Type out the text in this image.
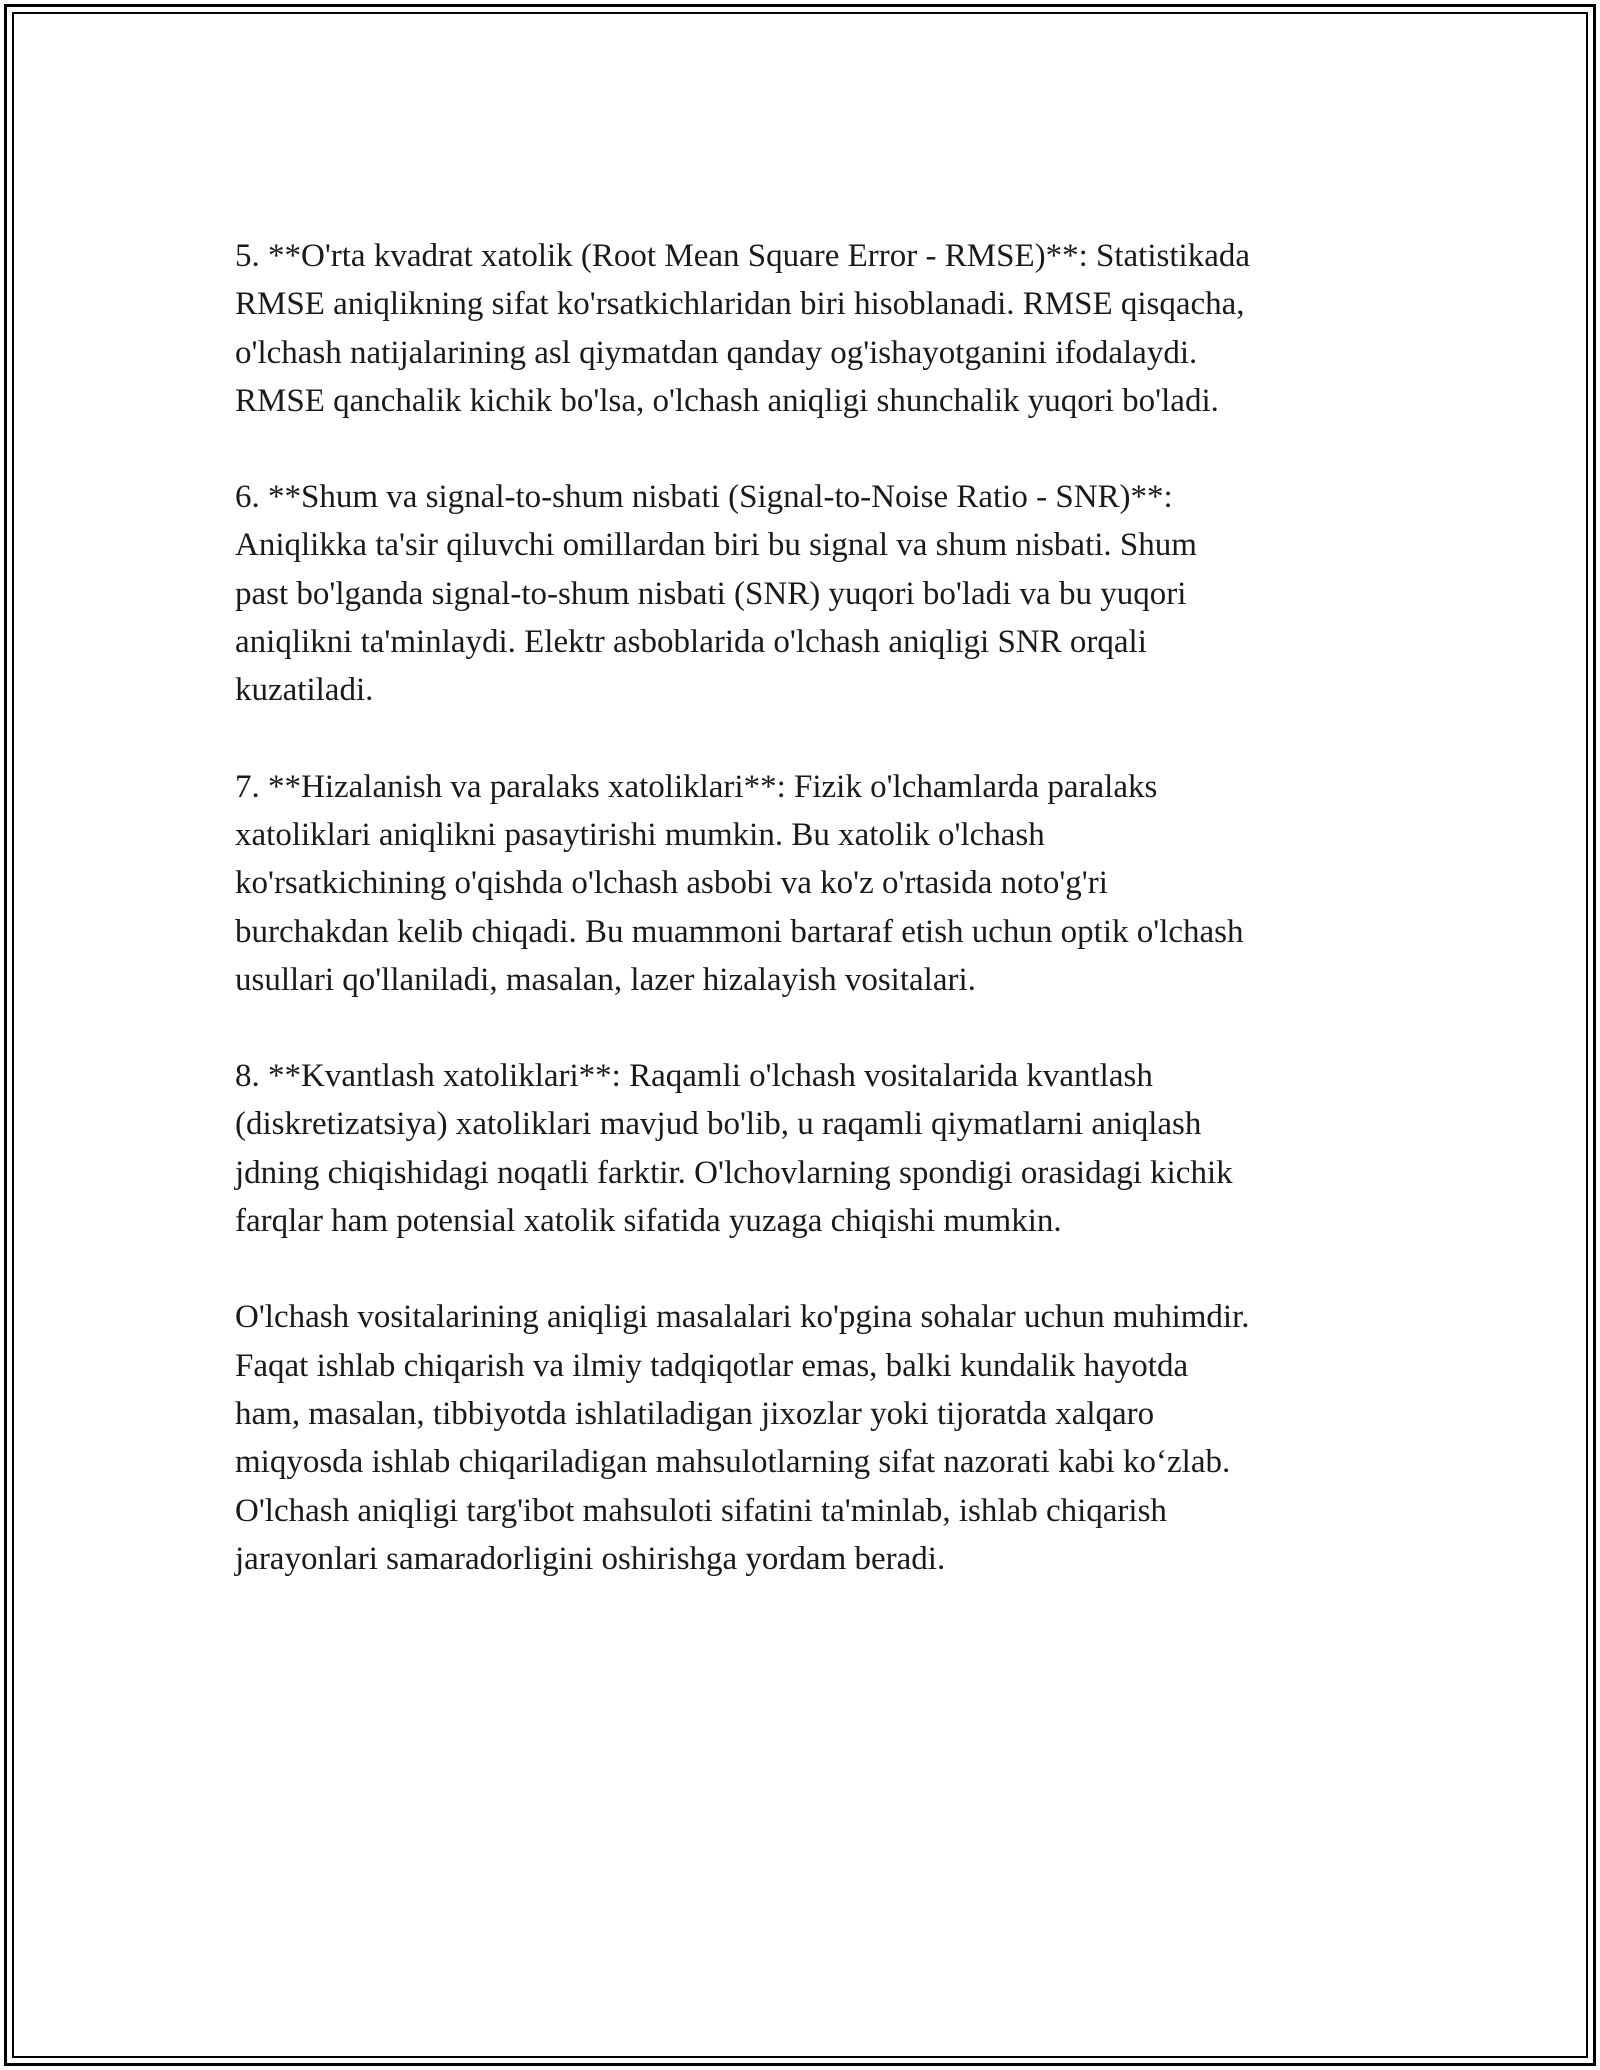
5. **O'rta kvadrat xatolik (Root Mean Square Error - RMSE)**: Statistikada
RMSE aniqlikning sifat ko'rsatkichlaridan biri hisoblanadi. RMSE qisqacha,
o'lchash natijalarining asl qiymatdan qanday og'ishayotganini ifodalaydi.
RMSE qanchalik kichik bo'lsa, o'lchash aniqligi shunchalik yuqori bo'ladi.

6. **Shum va signal-to-shum nisbati (Signal-to-Noise Ratio - SNR)**:
Aniqlikka ta'sir qiluvchi omillardan biri bu signal va shum nisbati. Shum
past bo'lganda signal-to-shum nisbati (SNR) yuqori bo'ladi va bu yuqori
aniqlikni ta'minlaydi. Elektr asboblarida o'lchash aniqligi SNR orqali
kuzatiladi.

7. **Hizalanish va paralaks xatoliklari**: Fizik o'lchamlarda paralaks
xatoliklari aniqlikni pasaytirishi mumkin. Bu xatolik o'lchash
ko'rsatkichining o'qishda o'lchash asbobi va ko'z o'rtasida noto'g'ri
burchakdan kelib chiqadi. Bu muammoni bartaraf etish uchun optik o'lchash
usullari qo'llaniladi, masalan, lazer hizalayish vositalari.

8. **Kvantlash xatoliklari**: Raqamli o'lchash vositalarida kvantlash
(diskretizatsiya) xatoliklari mavjud bo'lib, u raqamli qiymatlarni aniqlash
jdning chiqishidagi noqatli farktir. O'lchovlarning spondigi orasidagi kichik
farqlar ham potensial xatolik sifatida yuzaga chiqishi mumkin.

O'lchash vositalarining aniqligi masalalari ko'pgina sohalar uchun muhimdir.
Faqat ishlab chiqarish va ilmiy tadqiqotlar emas, balki kundalik hayotda
ham, masalan, tibbiyotda ishlatiladigan jixozlar yoki tijoratda xalqaro
miqyosda ishlab chiqariladigan mahsulotlarning sifat nazorati kabi ko‘zlab.
O'lchash aniqligi targ'ibot mahsuloti sifatini ta'minlab, ishlab chiqarish
jarayonlari samaradorligini oshirishga yordam beradi.
